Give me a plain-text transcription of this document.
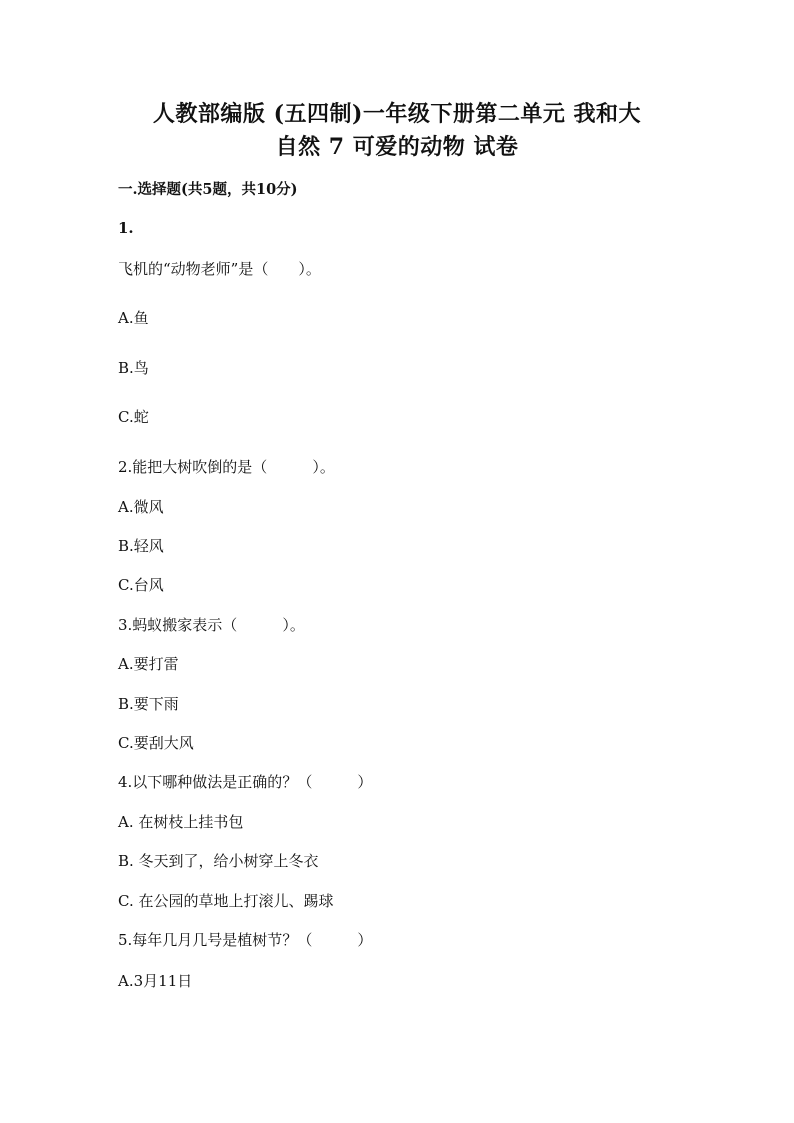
人教部编版 (五四制)一年级下册第二单元 我和大
自然 7 可爱的动物 试卷
一.选择题(共5题，共10分)
1.
飞机的“动物老师”是（　　）。
A.鱼
B.鸟
C.蛇
2.能把大树吹倒的是（　　　）。
A.微风
B.轻风
C.台风
3.蚂蚁搬家表示（　　　）。
A.要打雷
B.要下雨
C.要刮大风
4.以下哪种做法是正确的？（　　　）
A. 在树枝上挂书包
B. 冬天到了，给小树穿上冬衣
C. 在公园的草地上打滚儿、踢球
5.每年几月几号是植树节？（　　　）
A.3月11日
